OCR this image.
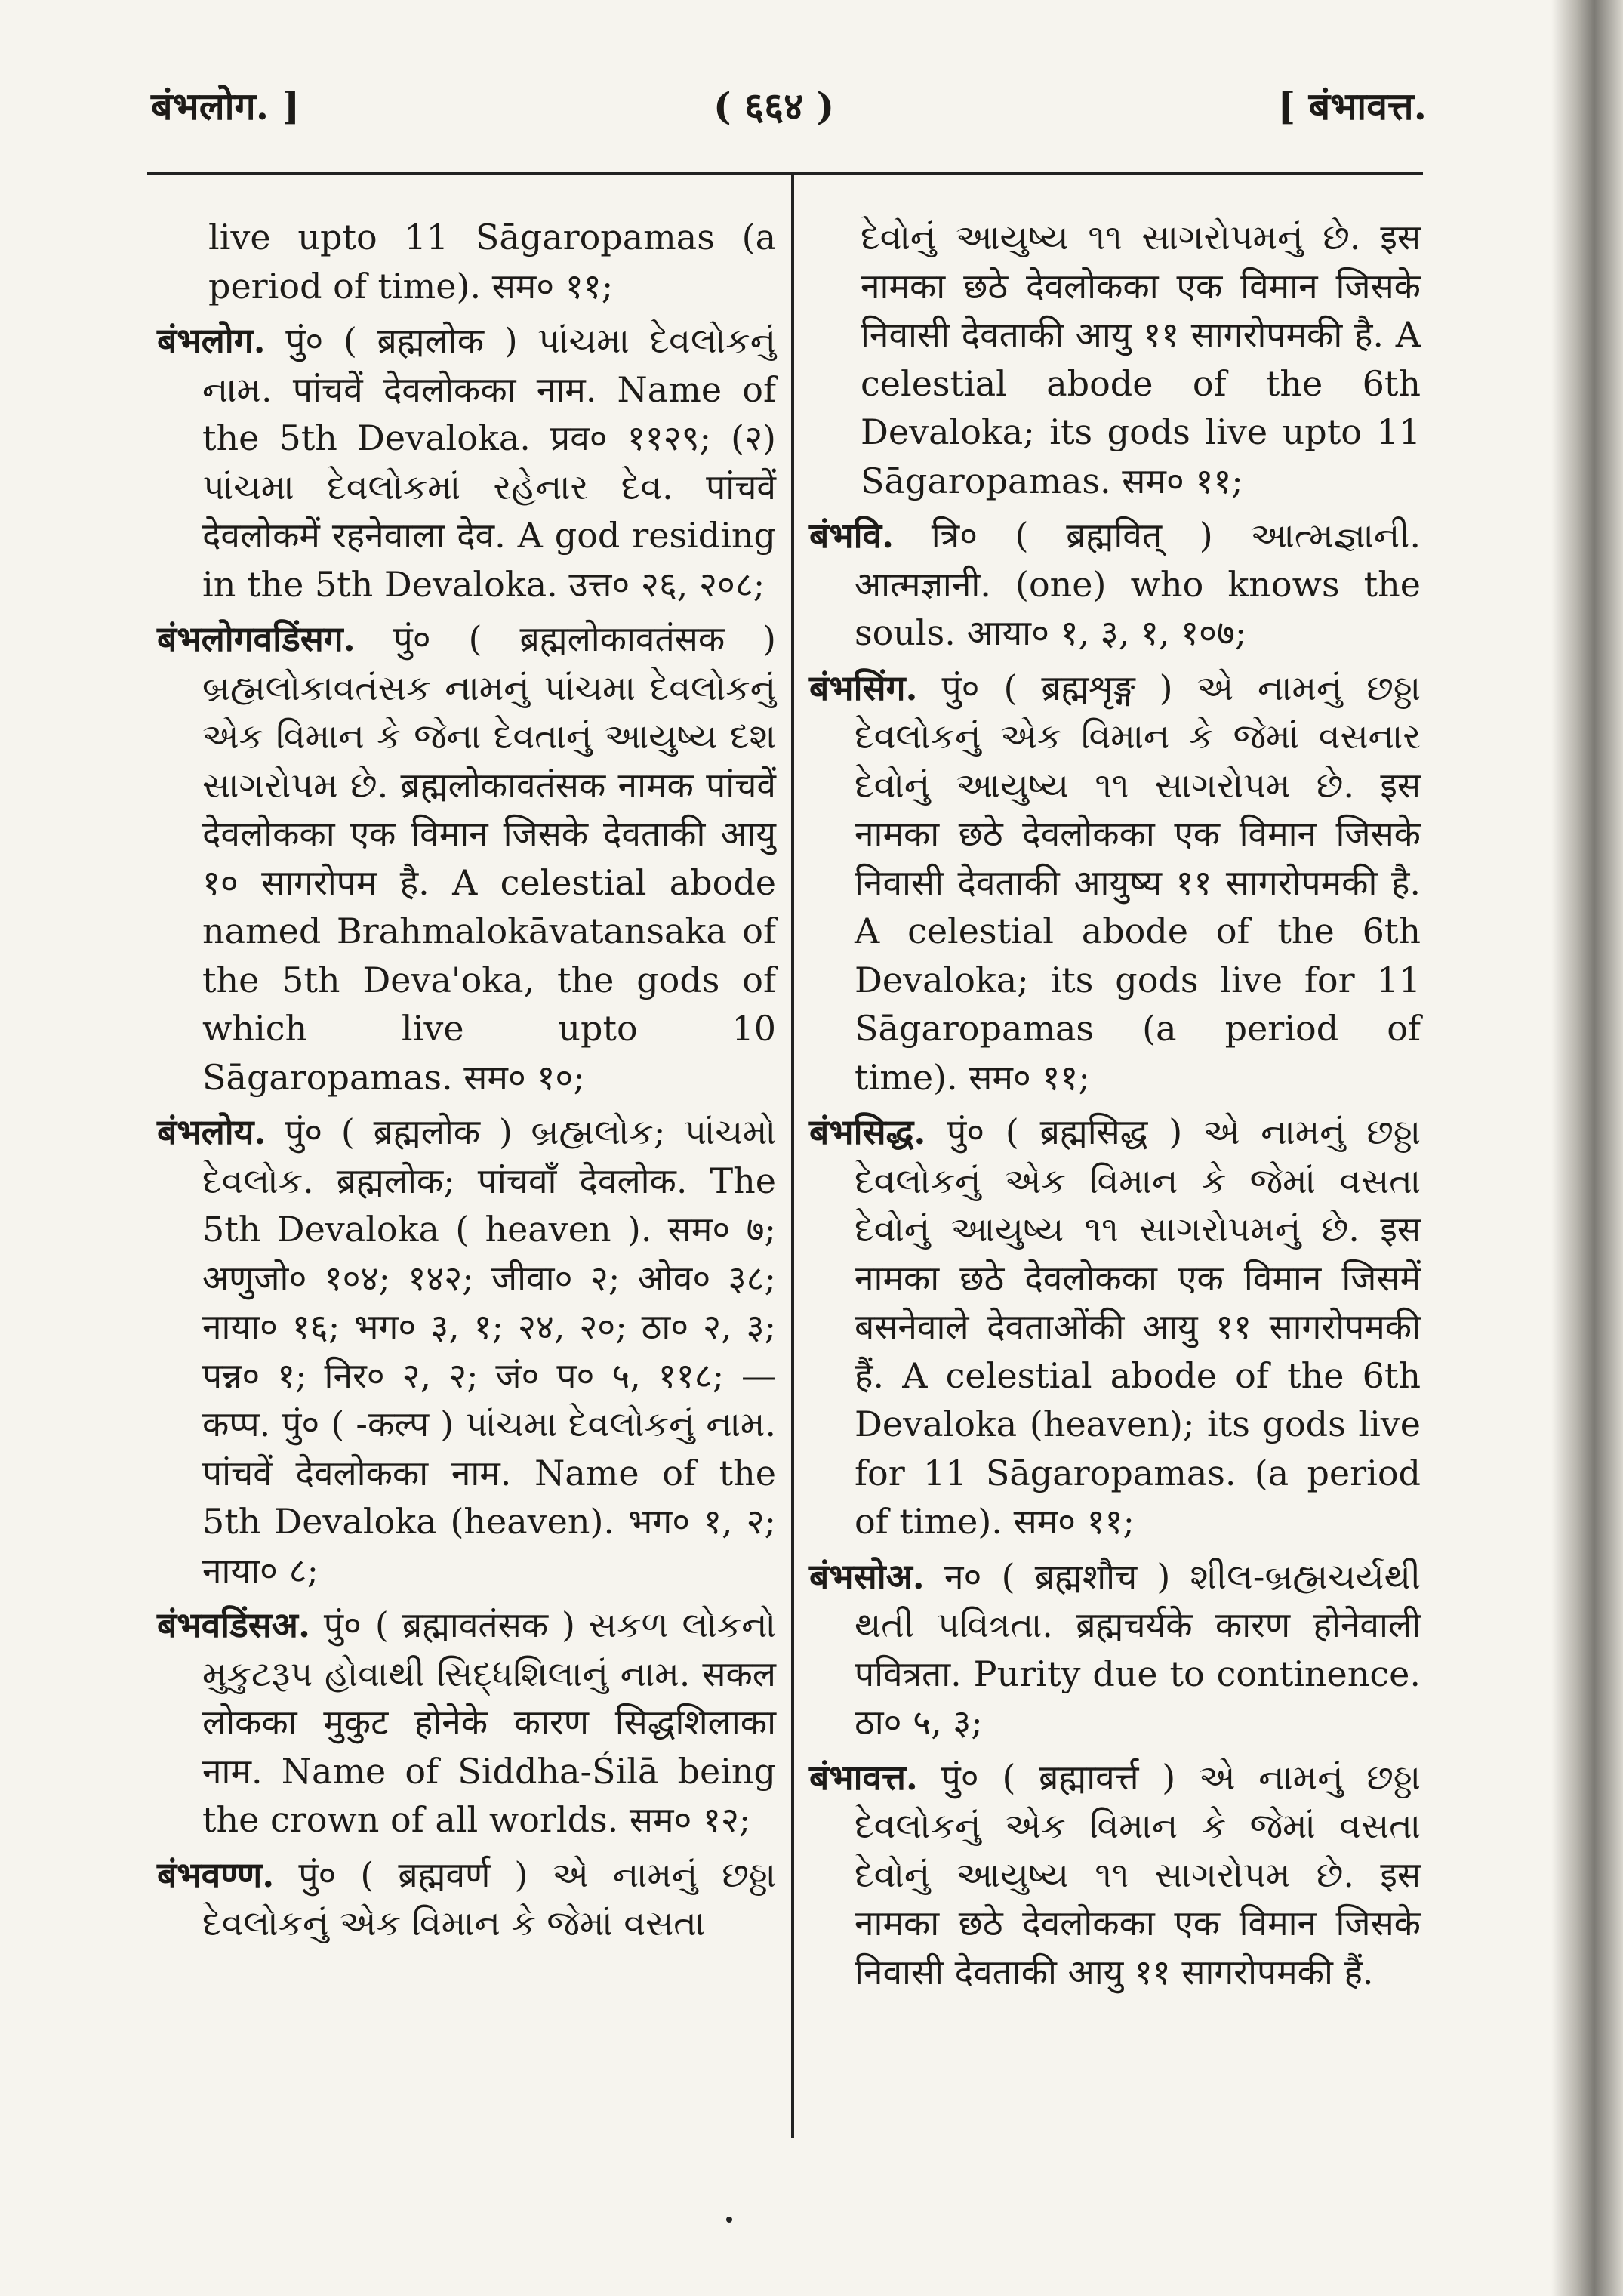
बंभलोग. ]	( ६६४ )	[ बंभावत्त.

live upto 11 Sāgaropamas (a period of time). सम० ११;

बंभलोग. पुं० ( ब्रह्मलोक ) પાંચમા દેવલોકનું નામ. पांचवें देवलोकका नाम. Name of the 5th Devaloka. प्रव० ११२९; (२) પાંચમા દેવલોકમાં રહેનાર દેવ. पांचवें देवलोकमें रहनेवाला देव. A god residing in the 5th Devaloka. उत्त० २६, २०८;

बंभलोगवडिंसग. पुं० ( ब्रह्मलोकावतंसक ) બ્રહ્મલોકાવતંસક નામનું પાંચમા દેવલોકનું એક વિમાન કે જેના દેવતાનું આયુષ્ય દશ સાગરોપમ છે. ब्रह्मलोकावतंसक नामक पांचवें देवलोकका एक विमान जिसके देवताकी आयु १० सागरोपम है. A celestial abode named Brahmalokāvatansaka of the 5th Deva'oka, the gods of which live upto 10 Sāgaropamas. सम० १०;

बंभलोय. पुं० ( ब्रह्मलोक ) બ્રહ્મલોક; પાંચમો દેવલોક. ब्रह्मलोक; पांचवाँ देवलोक. The 5th Devaloka ( heaven ). सम० ७; अणुजो० १०४; १४२; जीवा० २; ओव० ३८; नाया० १६; भग० ३, १; २४, २०; ठा० २, ३; पन्न० १; निर० २, २; जं० प० ५, ११८; — कप्प. पुं० ( -कल्प ) પાંચમા દેવલોકનું નામ. पांचवें देवलोकका नाम. Name of the 5th Devaloka (heaven). भग० १, २; नाया० ८;

बंभवडिंसअ. पुं० ( ब्रह्मावतंसक ) સકળ લોકનો મુકુટરૂપ હોવાથી સિદ્ધશિલાનું નામ. सकल लोकका मुकुट होनेके कारण सिद्धशिलाका नाम. Name of Siddha-Śilā being the crown of all worlds. सम० १२;

बंभवण्ण. पुं० ( ब्रह्मवर्ण ) એ નામનું છઠ્ઠા દેવલોકનું એક વિમાન કે જેમાં વસતા

દેવોનું આયુષ્ય ૧૧ સાગરોપમનું છે. इस नामका छठे देवलोकका एक विमान जिसके निवासी देवताकी आयु ११ सागरोपमकी है. A celestial abode of the 6th Devaloka; its gods live upto 11 Sāgaropamas. सम० ११;

बंभवि. त्रि० ( ब्रह्मवित् ) આત્મજ્ઞાની. आत्मज्ञानी. (one) who knows the souls. आया० १, ३, १, १०७;

बंभसिंग. पुं० ( ब्रह्मशृङ्ग ) એ નામનું છઠ્ઠા દેવલોકનું એક વિમાન કે જેમાં વસનાર દેવોનું આયુષ્ય ૧૧ સાગરોપમ છે. इस नामका छठे देवलोकका एक विमान जिसके निवासी देवताकी आयुष्य ११ सागरोपमकी है. A celestial abode of the 6th Devaloka; its gods live for 11 Sāgaropamas (a period of time). सम० ११;

बंभसिद्ध. पुं० ( ब्रह्मसिद्ध ) એ નામનું છઠ્ઠા દેવલોકનું એક વિમાન કે જેમાં વસતા દેવોનું આયુષ્ય ૧૧ સાગરોપમનું છે. इस नामका छठे देवलोकका एक विमान जिसमें बसनेवाले देवताओंकी आयु ११ सागरोपमकी हैं. A celestial abode of the 6th Devaloka (heaven); its gods live for 11 Sāgaropamas. (a period of time). सम० ११;

बंभसोअ. न० ( ब्रह्मशौच ) શીલ-બ્રહ્મચર્યથી થતી પવિત્રતા. ब्रह्मचर्यके कारण होनेवाली पवित्रता. Purity due to continence. ठा० ५, ३;

बंभावत्त. पुं० ( ब्रह्मावर्त्त ) એ નામનું છઠ્ઠા દેવલોકનું એક વિમાન કે જેમાં વસતા દેવોનું આયુષ્ય ૧૧ સાગરોપમ છે. इस नामका छठे देवलोकका एक विमान जिसके निवासी देवताकी आयु ११ सागरोपमकी हैं.
